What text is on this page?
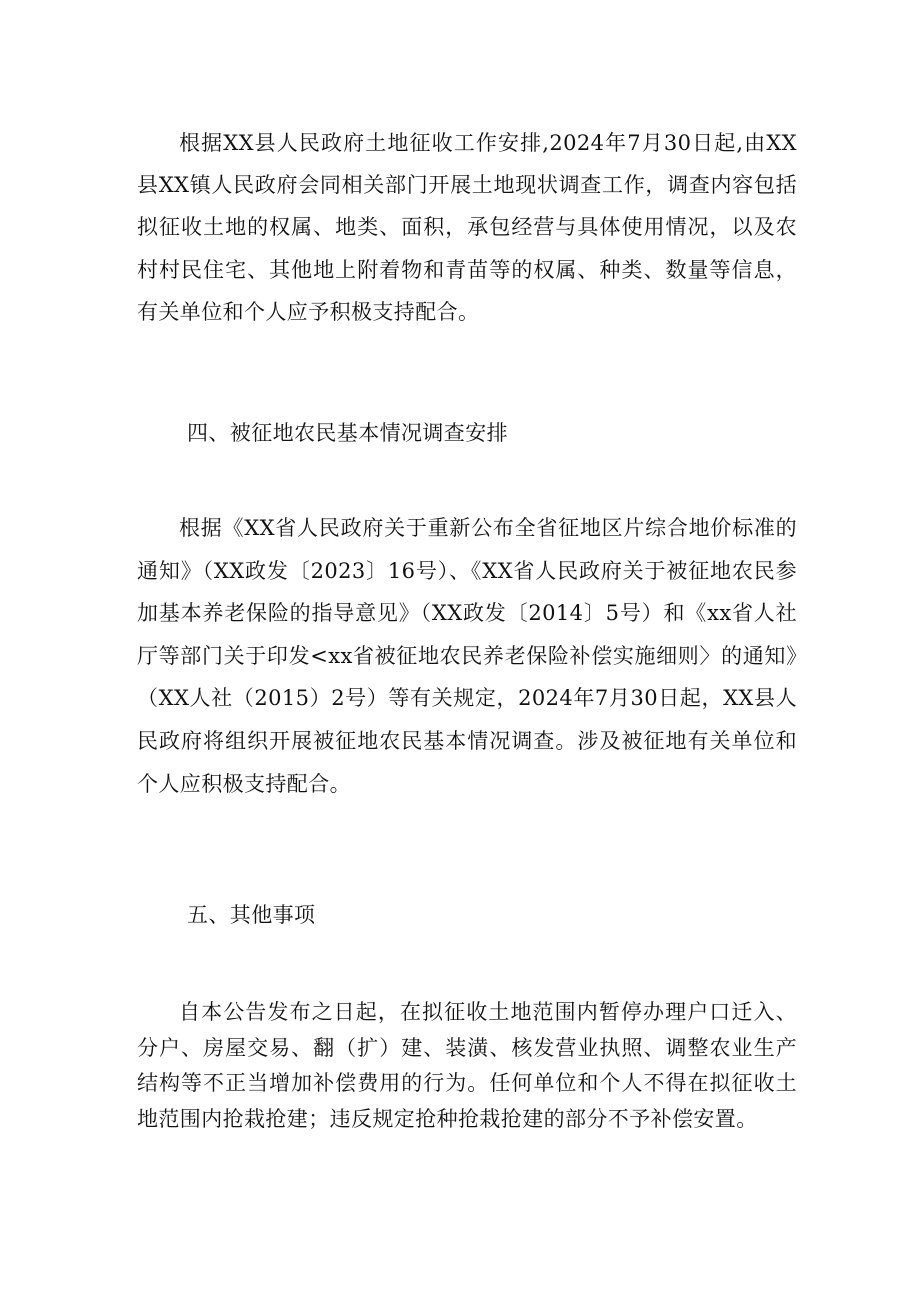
根据XX县人民政府土地征收工作安排,2024年7月30日起,由XX县XX镇人民政府会同相关部门开展土地现状调查工作，调查内容包括拟征收土地的权属、地类、面积，承包经营与具体使用情况，以及农村村民住宅、其他地上附着物和青苗等的权属、种类、数量等信息，有关单位和个人应予积极支持配合。

四、被征地农民基本情况调查安排

根据《XX省人民政府关于重新公布全省征地区片综合地价标准的通知》（XX政发〔2023〕16号）、《XX省人民政府关于被征地农民参加基本养老保险的指导意见》（XX政发〔2014〕5号）和《xx省人社厅等部门关于印发<xx省被征地农民养老保险补偿实施细则〉的通知》（XX人社（2015）2号）等有关规定，2024年7月30日起，XX县人民政府将组织开展被征地农民基本情况调查。涉及被征地有关单位和个人应积极支持配合。

五、其他事项

自本公告发布之日起，在拟征收土地范围内暂停办理户口迁入、分户、房屋交易、翻（扩）建、装潢、核发营业执照、调整农业生产结构等不正当增加补偿费用的行为。任何单位和个人不得在拟征收土地范围内抢栽抢建；违反规定抢种抢栽抢建的部分不予补偿安置。
